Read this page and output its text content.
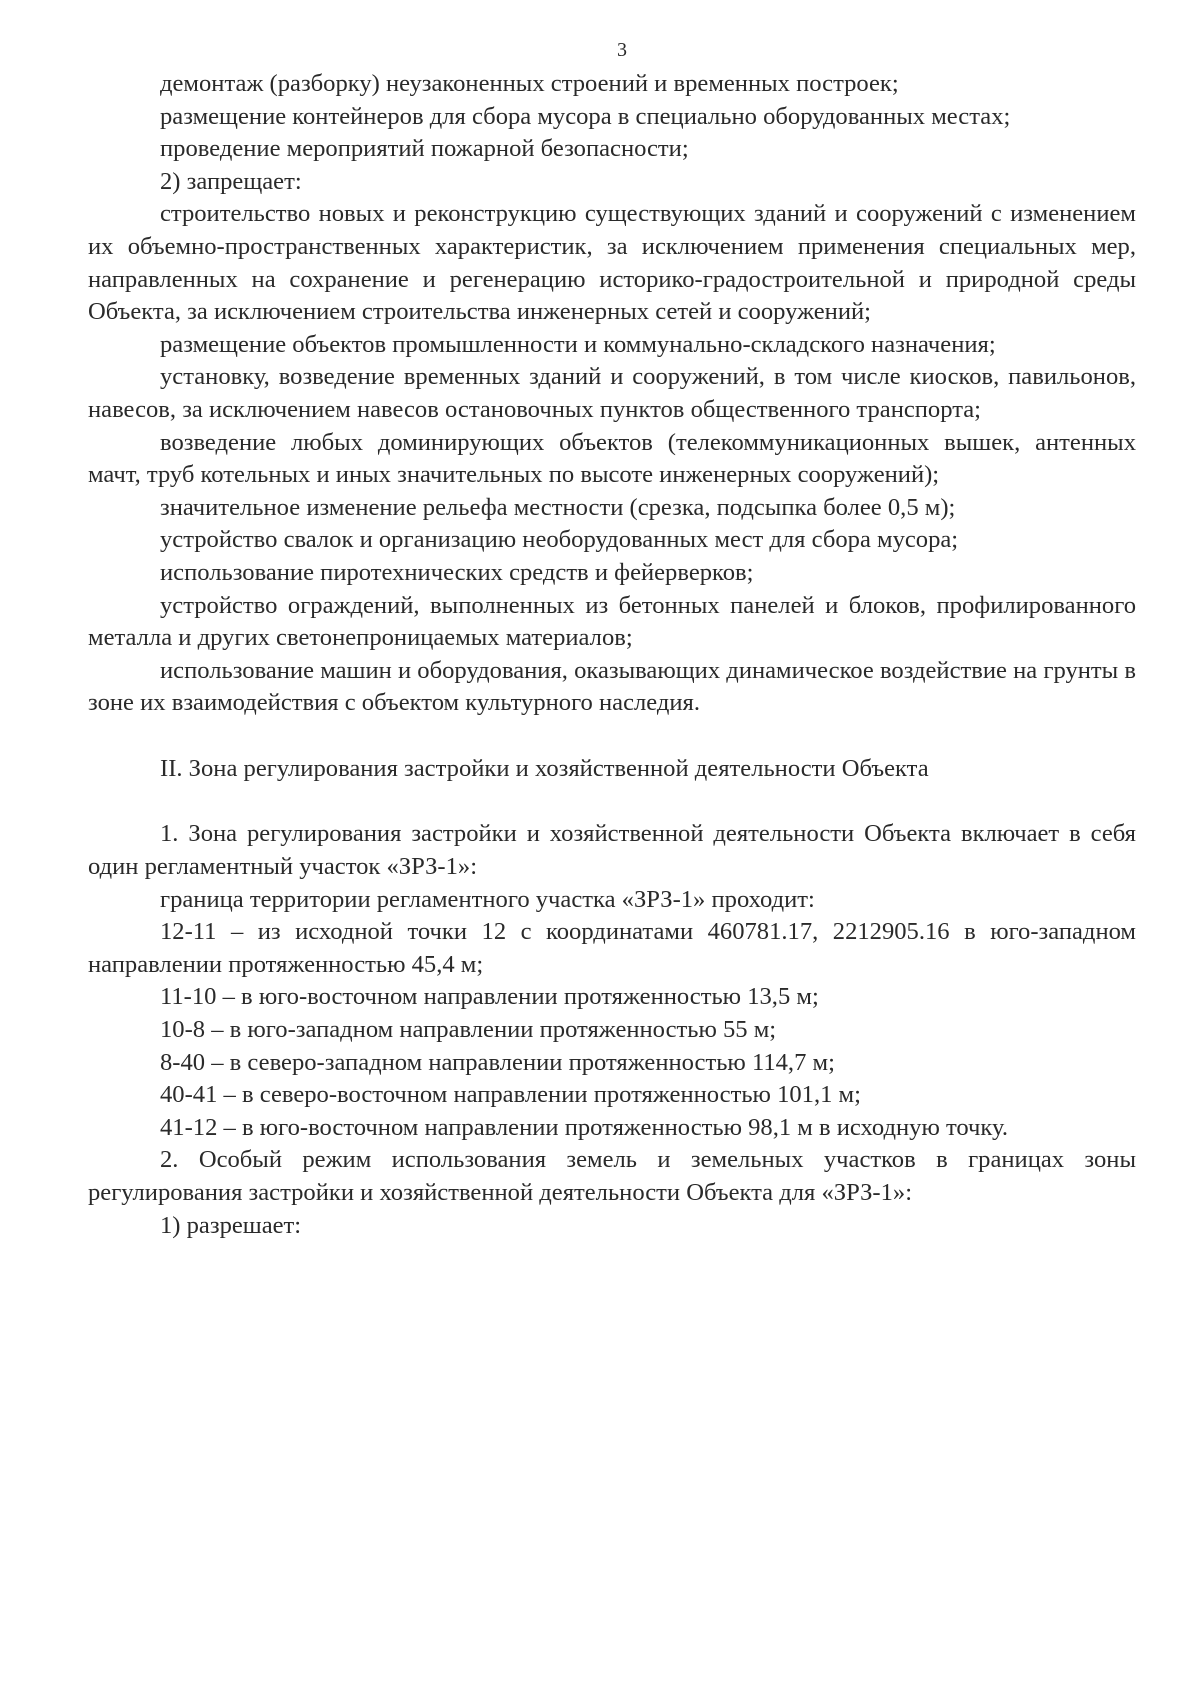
3

демонтаж (разборку) неузаконенных строений и временных построек;

размещение контейнеров для сбора мусора в специально оборудованных местах;

проведение мероприятий пожарной безопасности;

2) запрещает:

строительство новых и реконструкцию существующих зданий и сооружений с изменением их объемно-пространственных характеристик, за исключением применения специальных мер, направленных на сохранение и регенерацию историко-градостроительной и природной среды Объекта, за исключением строительства инженерных сетей и сооружений;

размещение объектов промышленности и коммунально-складского назначения;

установку, возведение временных зданий и сооружений, в том числе киосков, павильонов, навесов, за исключением навесов остановочных пунктов общественного транспорта;

возведение любых доминирующих объектов (телекоммуникационных вышек, антенных мачт, труб котельных и иных значительных по высоте инженерных сооружений);

значительное изменение рельефа местности (срезка, подсыпка более 0,5 м);

устройство свалок и организацию необорудованных мест для сбора мусора;

использование пиротехнических средств и фейерверков;

устройство ограждений, выполненных из бетонных панелей и блоков, профилированного металла и других светонепроницаемых материалов;

использование машин и оборудования, оказывающих динамическое воздействие на грунты в зоне их взаимодействия с объектом культурного наследия.

II. Зона регулирования застройки и хозяйственной деятельности Объекта

1. Зона регулирования застройки и хозяйственной деятельности Объекта включает в себя один регламентный участок «ЗРЗ-1»:

граница территории регламентного участка «ЗРЗ-1» проходит:

12-11 – из исходной точки 12 с координатами 460781.17, 2212905.16 в юго-западном направлении протяженностью 45,4 м;

11-10 – в юго-восточном направлении протяженностью 13,5 м;

10-8 – в юго-западном направлении протяженностью 55 м;

8-40 – в северо-западном направлении протяженностью 114,7 м;

40-41 – в северо-восточном направлении протяженностью 101,1 м;

41-12 – в юго-восточном направлении протяженностью 98,1 м в исходную точку.

2. Особый режим использования земель и земельных участков в границах зоны регулирования застройки и хозяйственной деятельности Объекта для «ЗРЗ-1»:

1) разрешает:
